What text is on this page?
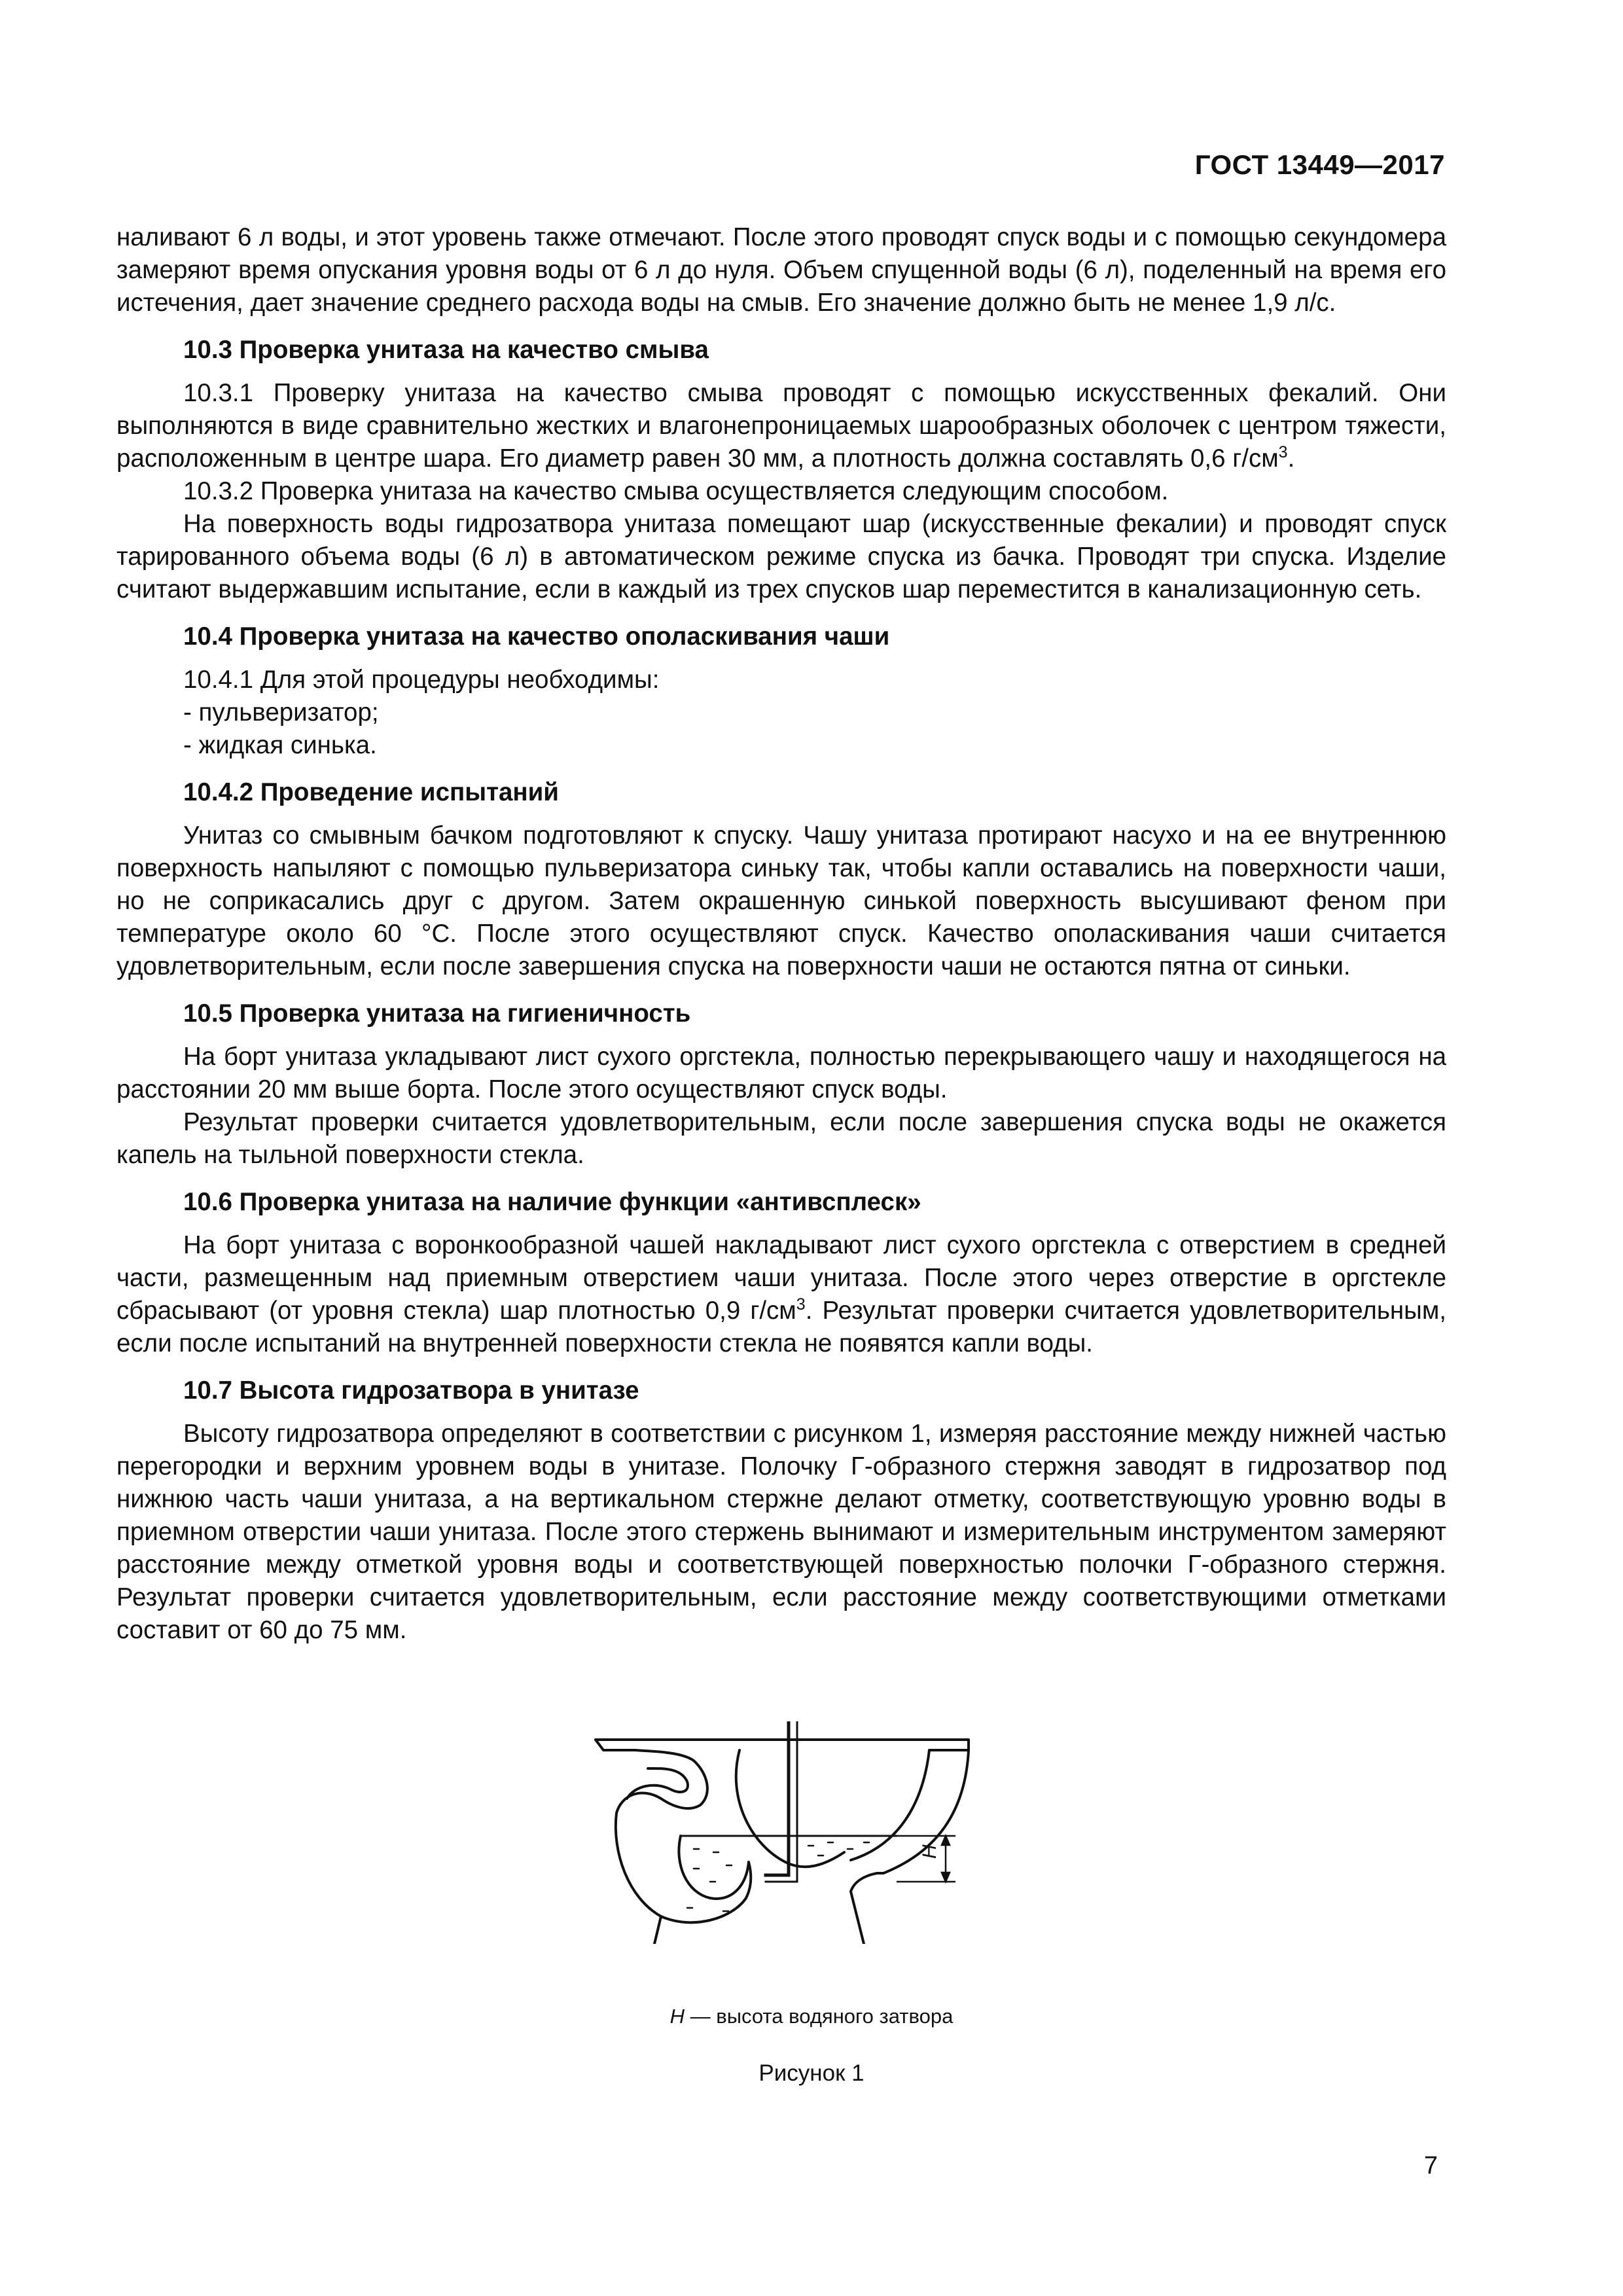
ГОСТ 13449—2017

наливают 6 л воды, и этот уровень также отмечают. После этого проводят спуск воды и с помощью секундомера замеряют время опускания уровня воды от 6 л до нуля. Объем спущенной воды (6 л), поделенный на время его истечения, дает значение среднего расхода воды на смыв. Его значение должно быть не менее 1,9 л/с.

10.3 Проверка унитаза на качество смыва

10.3.1 Проверку унитаза на качество смыва проводят с помощью искусственных фекалий. Они выполняются в виде сравнительно жестких и влагонепроницаемых шарообразных оболочек с центром тяжести, расположенным в центре шара. Его диаметр равен 30 мм, а плотность должна составлять 0,6 $г/см^3$.

10.3.2 Проверка унитаза на качество смыва осуществляется следующим способом.

На поверхность воды гидрозатвора унитаза помещают шар (искусственные фекалии) и проводят спуск тарированного объема воды (6 л) в автоматическом режиме спуска из бачка. Проводят три спуска. Изделие считают выдержавшим испытание, если в каждый из трех спусков шар переместится в канализационную сеть.

10.4 Проверка унитаза на качество ополаскивания чаши

10.4.1 Для этой процедуры необходимы:

- пульверизатор;

- жидкая синька.

10.4.2 Проведение испытаний

Унитаз со смывным бачком подготовляют к спуску. Чашу унитаза протирают насухо и на ее внутреннюю поверхность напыляют с помощью пульверизатора синьку так, чтобы капли оставались на поверхности чаши, но не соприкасались друг с другом. Затем окрашенную синькой поверхность высушивают феном при температуре около 60 °С. После этого осуществляют спуск. Качество ополаскивания чаши считается удовлетворительным, если после завершения спуска на поверхности чаши не остаются пятна от синьки.

10.5 Проверка унитаза на гигиеничность

На борт унитаза укладывают лист сухого оргстекла, полностью перекрывающего чашу и находящегося на расстоянии 20 мм выше борта. После этого осуществляют спуск воды.

Результат проверки считается удовлетворительным, если после завершения спуска воды не окажется капель на тыльной поверхности стекла.

10.6 Проверка унитаза на наличие функции «антивсплеск»

На борт унитаза с воронкообразной чашей накладывают лист сухого оргстекла с отверстием в средней части, размещенным над приемным отверстием чаши унитаза. После этого через отверстие в оргстекле сбрасывают (от уровня стекла) шар плотностью 0,9 $г/см^3$. Результат проверки считается удовлетворительным, если после испытаний на внутренней поверхности стекла не появятся капли воды.

10.7 Высота гидрозатвора в унитазе

Высоту гидрозатвора определяют в соответствии с рисунком 1, измеряя расстояние между нижней частью перегородки и верхним уровнем воды в унитазе. Полочку Г-образного стержня заводят в гидрозатвор под нижнюю часть чаши унитаза, а на вертикальном стержне делают отметку, соответствующую уровню воды в приемном отверстии чаши унитаза. После этого стержень вынимают и измерительным инструментом замеряют расстояние между отметкой уровня воды и соответствующей поверхностью полочки Г-образного стержня. Результат проверки считается удовлетворительным, если расстояние между соответствующими отметками составит от 60 до 75 мм.

H
H — высота водяного затвора
Рисунок 1
7
